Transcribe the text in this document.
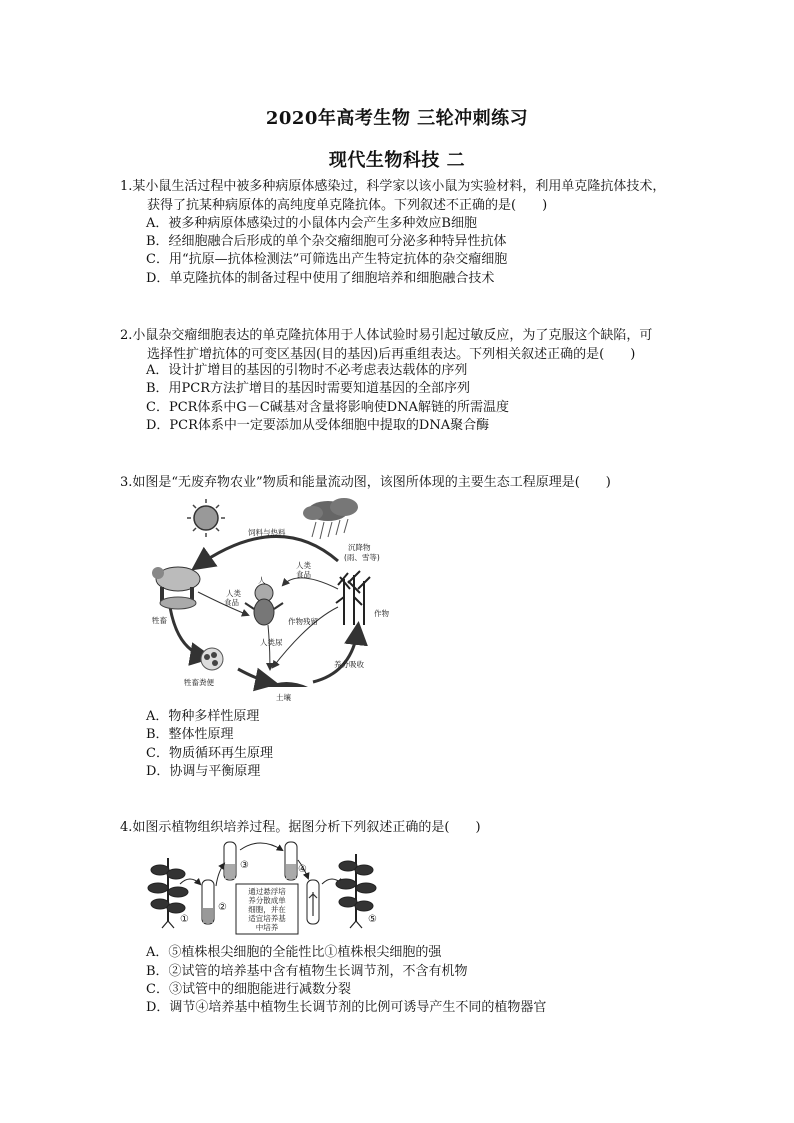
2020年高考生物 三轮冲刺练习
现代生物科技 二
1.某小鼠生活过程中被多种病原体感染过，科学家以该小鼠为实验材料，利用单克隆抗体技术，
获得了抗某种病原体的高纯度单克隆抗体。下列叙述不正确的是(　　)
A．被多种病原体感染过的小鼠体内会产生多种效应B细胞
B．经细胞融合后形成的单个杂交瘤细胞可分泌多种特异性抗体
C．用“抗原—抗体检测法”可筛选出产生特定抗体的杂交瘤细胞
D．单克隆抗体的制备过程中使用了细胞培养和细胞融合技术
2.小鼠杂交瘤细胞表达的单克隆抗体用于人体试验时易引起过敏反应，为了克服这个缺陷，可
选择性扩增抗体的可变区基因(目的基因)后再重组表达。下列相关叙述正确的是(　　)
A．设计扩增目的基因的引物时不必考虑表达载体的序列
B．用PCR方法扩增目的基因时需要知道基因的全部序列
C．PCR体系中G－C碱基对含量将影响使DNA解链的所需温度
D．PCR体系中一定要添加从受体细胞中提取的DNA聚合酶
3.如图是“无废弃物农业”物质和能量流动图，该图所体现的主要生态工程原理是(　　)
饲料与热料
沉降物
(雨、雪等)
人
人类
食品
人类
食品
作物
作物残留
牲畜
人类尿
牲畜粪便
养分吸收
土壤
A．物种多样性原理
B．整体性原理
C．物质循环再生原理
D．协调与平衡原理
4.如图示植物组织培养过程。据图分析下列叙述正确的是(　　)
通过悬浮培
养分散成单
细胞，并在
适宜培养基
中培养
①
②
③	④
⑤
A．⑤植株根尖细胞的全能性比①植株根尖细胞的强
B．②试管的培养基中含有植物生长调节剂，不含有机物
C．③试管中的细胞能进行减数分裂
D．调节④培养基中植物生长调节剂的比例可诱导产生不同的植物器官
